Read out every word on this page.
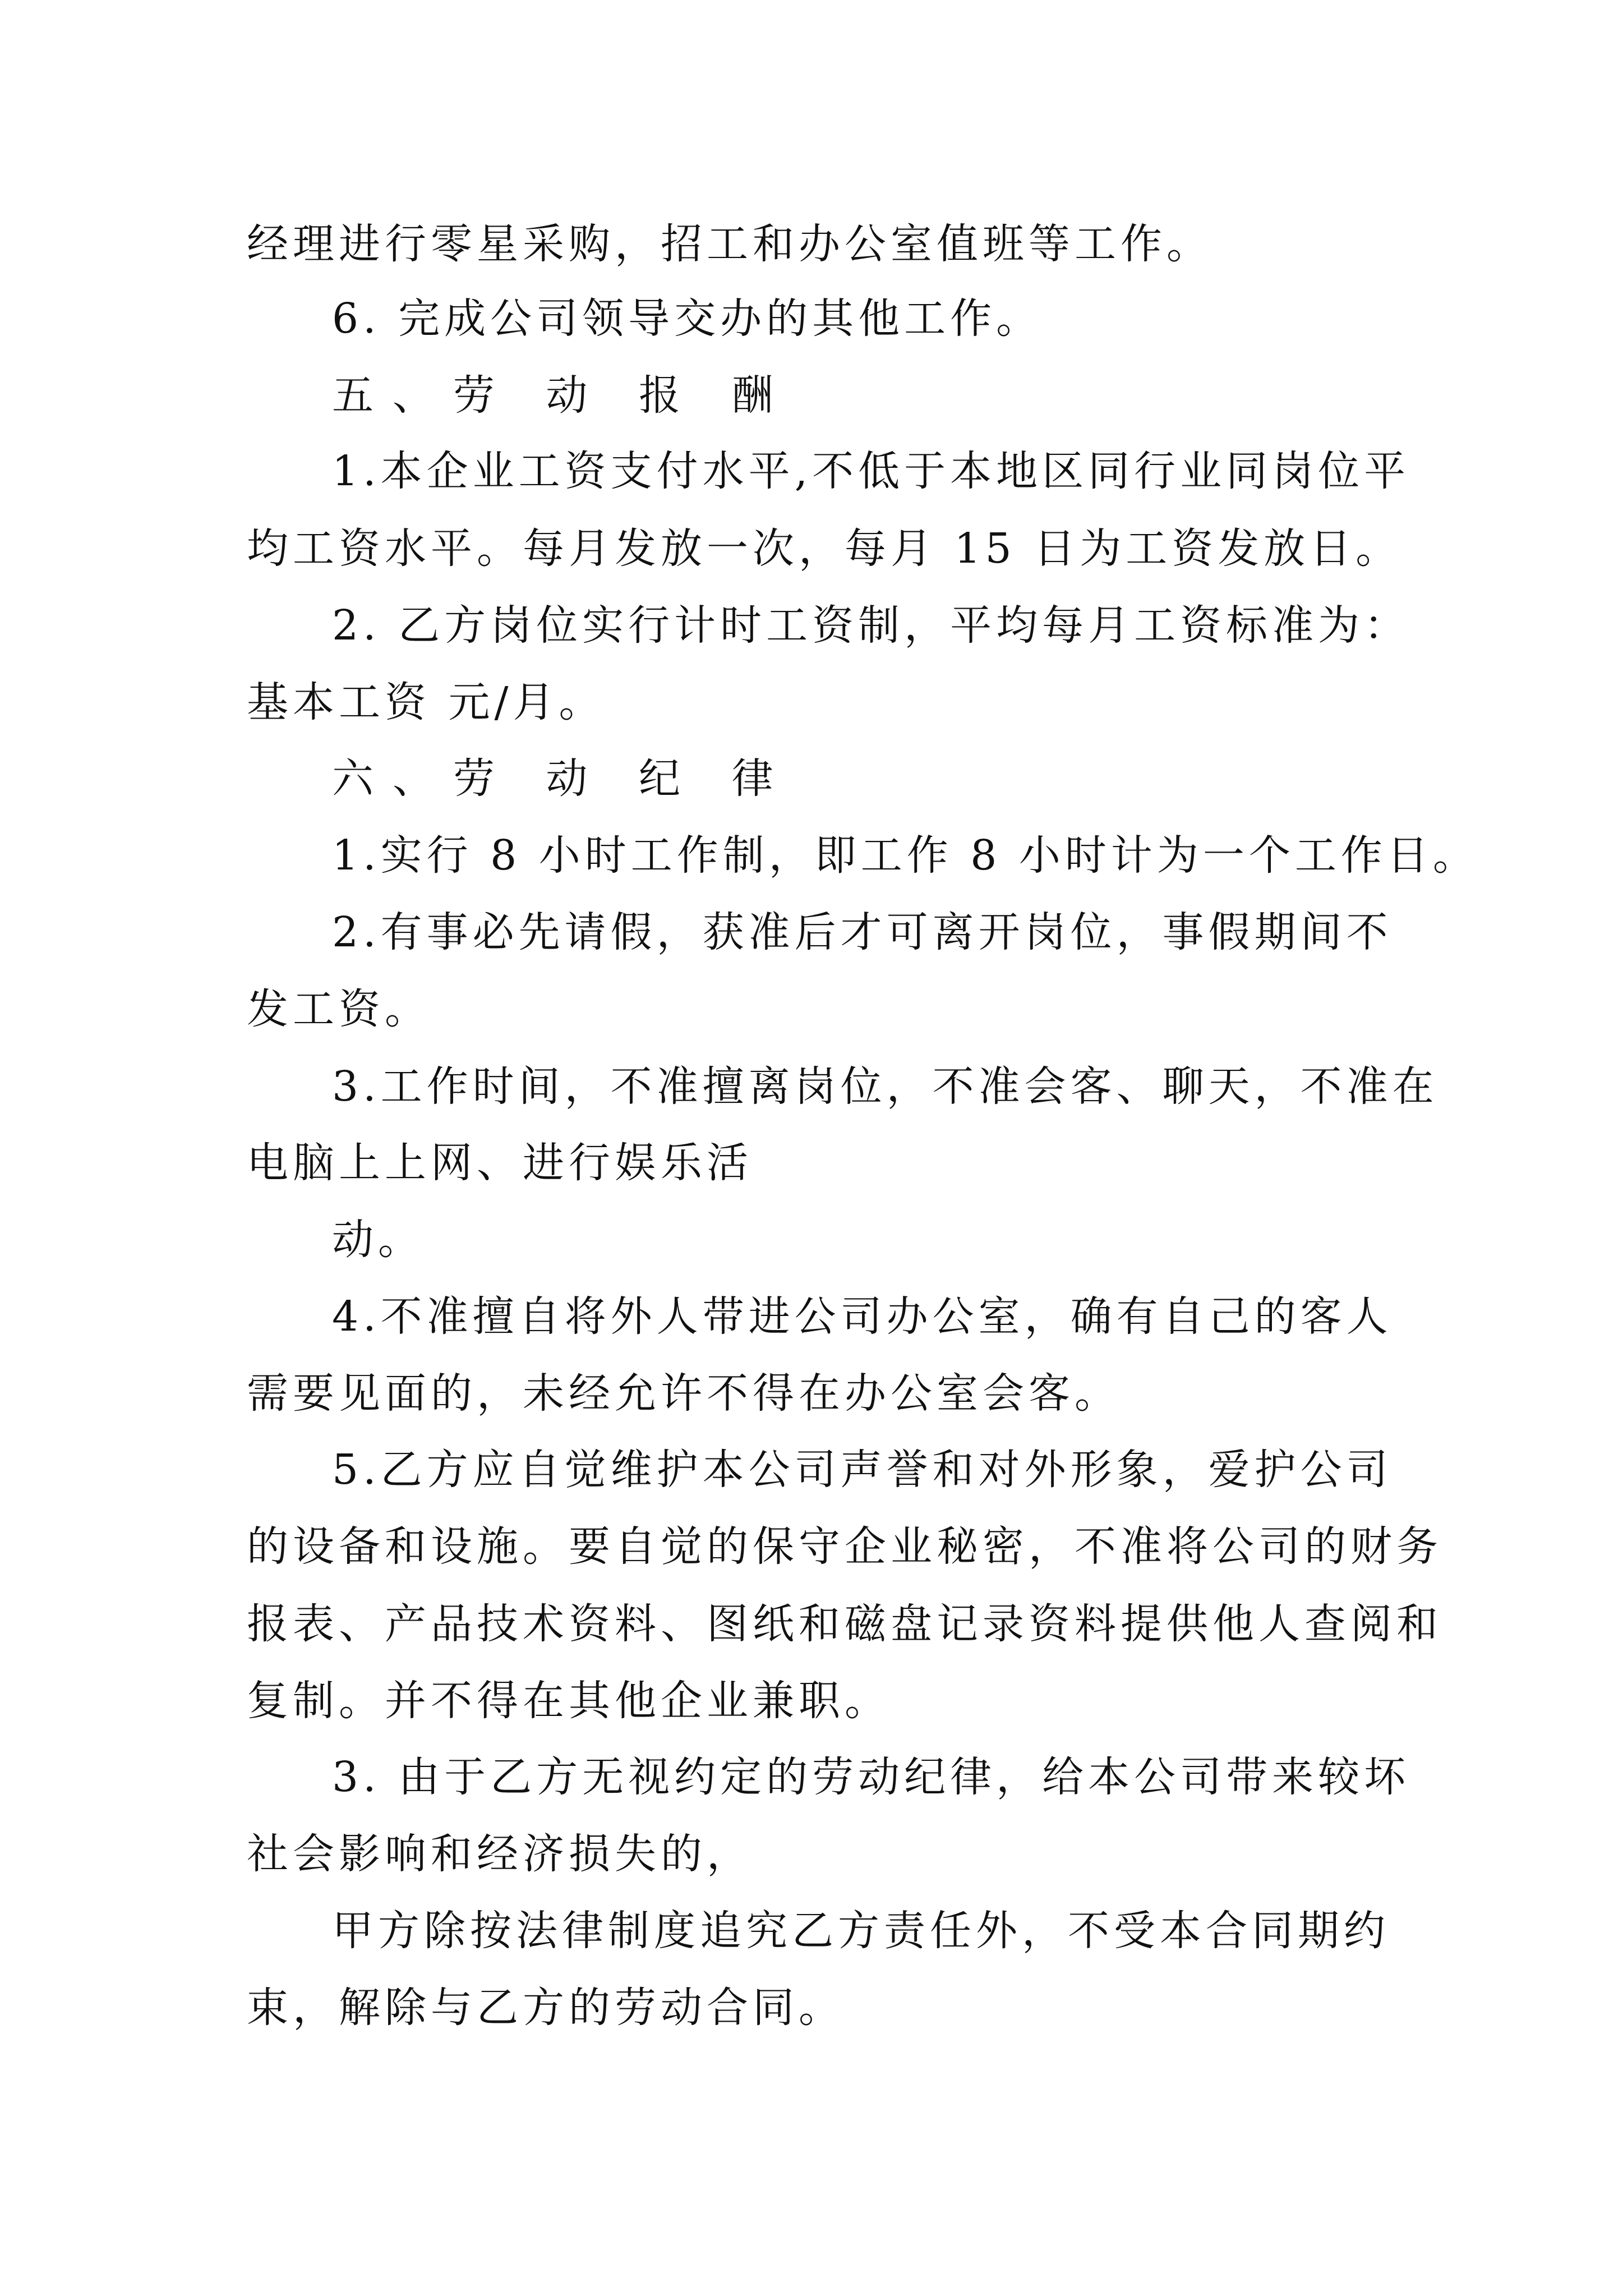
经理进行零星采购，招工和办公室值班等工作。
6. 完成公司领导交办的其他工作。
五、劳 动 报 酬
1.本企业工资支付水平,不低于本地区同行业同岗位平
均工资水平。每月发放一次，每月 15 日为工资发放日。
2. 乙方岗位实行计时工资制，平均每月工资标准为：
基本工资 元/月。
六、劳 动 纪 律
1.实行 8 小时工作制，即工作 8 小时计为一个工作日。
2.有事必先请假，获准后才可离开岗位，事假期间不
发工资。
3.工作时间，不准擅离岗位，不准会客、聊天，不准在
电脑上上网、进行娱乐活
动。
4.不准擅自将外人带进公司办公室，确有自己的客人
需要见面的，未经允许不得在办公室会客。
5.乙方应自觉维护本公司声誉和对外形象，爱护公司
的设备和设施。要自觉的保守企业秘密，不准将公司的财务
报表、产品技术资料、图纸和磁盘记录资料提供他人查阅和
复制。并不得在其他企业兼职。
3. 由于乙方无视约定的劳动纪律，给本公司带来较坏
社会影响和经济损失的，
甲方除按法律制度追究乙方责任外，不受本合同期约
束，解除与乙方的劳动合同。
